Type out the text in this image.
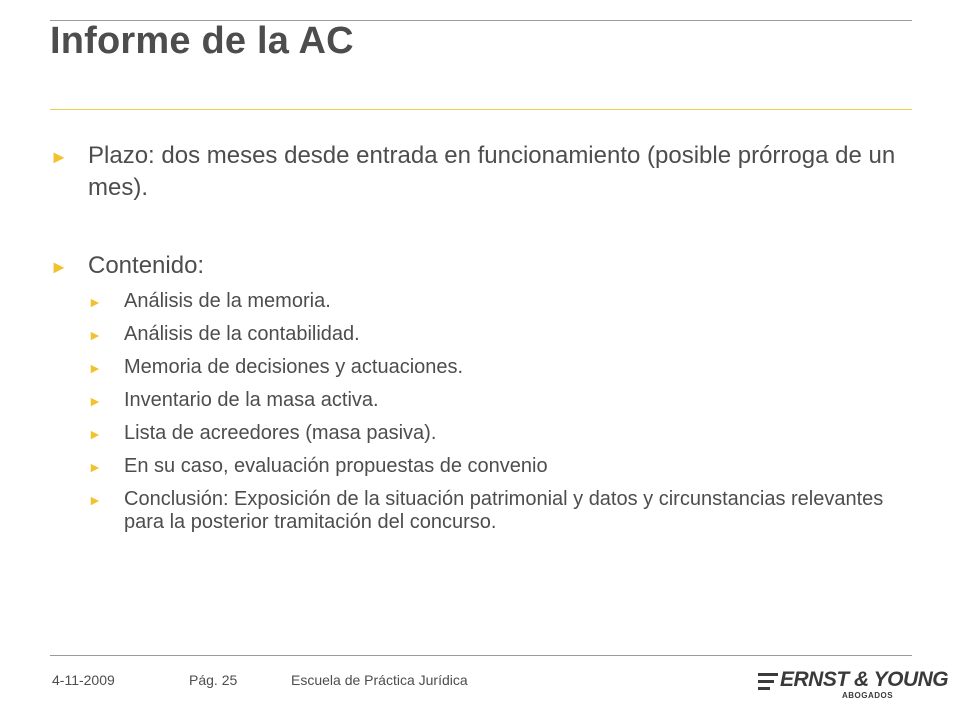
Informe de la AC
► Plazo: dos meses desde entrada en funcionamiento (posible prórroga de un mes).
► Contenido:
► Análisis de la memoria.
► Análisis de la contabilidad.
► Memoria de decisiones y actuaciones.
► Inventario de la masa activa.
► Lista de acreedores (masa pasiva).
► En su caso, evaluación propuestas de convenio
► Conclusión: Exposición de la situación patrimonial y datos y circunstancias relevantes para la posterior tramitación del concurso.
4-11-2009	Pág. 25	Escuela de Práctica Jurídica	ERNST & YOUNG
ABOGADOS
